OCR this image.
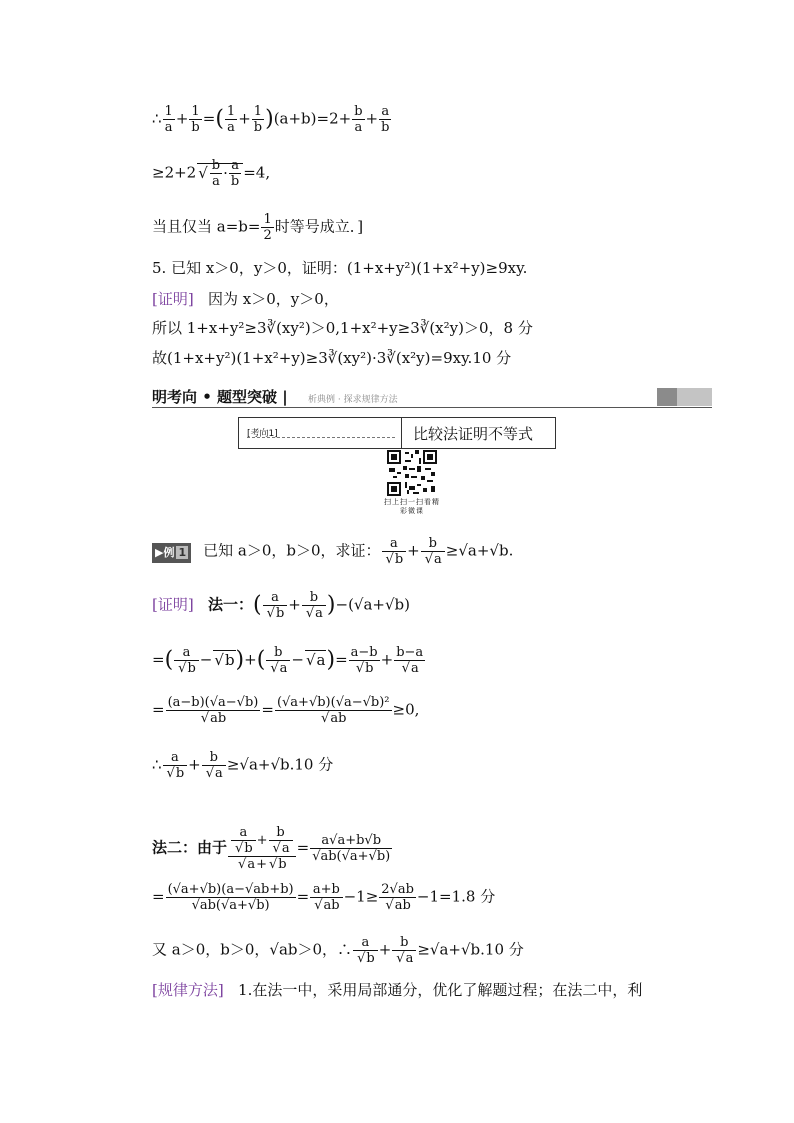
∴ $\frac{1}{a} + \frac{1}{b}$ =( $\frac{1}{a} + \frac{1}{b} )(a+b)=2+ \frac{b}{a} + \frac{a}{b}$
≥2+2 √ $\frac{b}{a} \cdot \frac{a}{b} =4$,
当且仅当 $a=b= \frac{1}{2}$ 时等号成立．]
5. 已知 x＞0，y＞0，证明：(1+x+y²)(1+x²+y)≥9xy.
[证明] 因为 x＞0，y＞0，
所以 1+x+y²≥3∛(xy²)＞0,1+x²+y≥3∛(x²y)＞0，8 分
故(1+x+y²)(1+x²+y)≥3∛(xy²)·3∛(x²y)=9xy.10 分
明考向 • 题型突破 | 析典例 · 探求规律方法
[考向1]	比较法证明不等式
扫上扫一扫看精彩微课
▶例 1 已知 a＞0，b＞0，求证： a
√ b + b
√ a ≥√a+√b.
[证明] 法一：( a
√ b + b
√ a )−(√a+√b)
=( a
√ b − √ b)+( b
√ a − √ a)= a−b
√ b + b−a
√ a
= (a−b)(√a−√b)
√ ab = (√a+√b)(√a−√b)²
√ ab ≥0,
∴ a
√ b + b
√ a ≥√a+√b.10 分
法二：由于 a
√ b + b
√ a
√ a+ √ $b = \frac{a√a+b√b}{√ab(√a+√b)}$
= $\frac{(√a+√b)(a-√ab+b)}{√ab(√a+√b)} = a+b$
√ ab −1≥ 2√ab
√ ab −1=1.8 分
又 a＞0，b＞0，√ab＞0，∴ a
√ b + b
√ a ≥√a+√b.10 分
[规律方法] 1.在法一中，采用局部通分，优化了解题过程；在法二中，利
